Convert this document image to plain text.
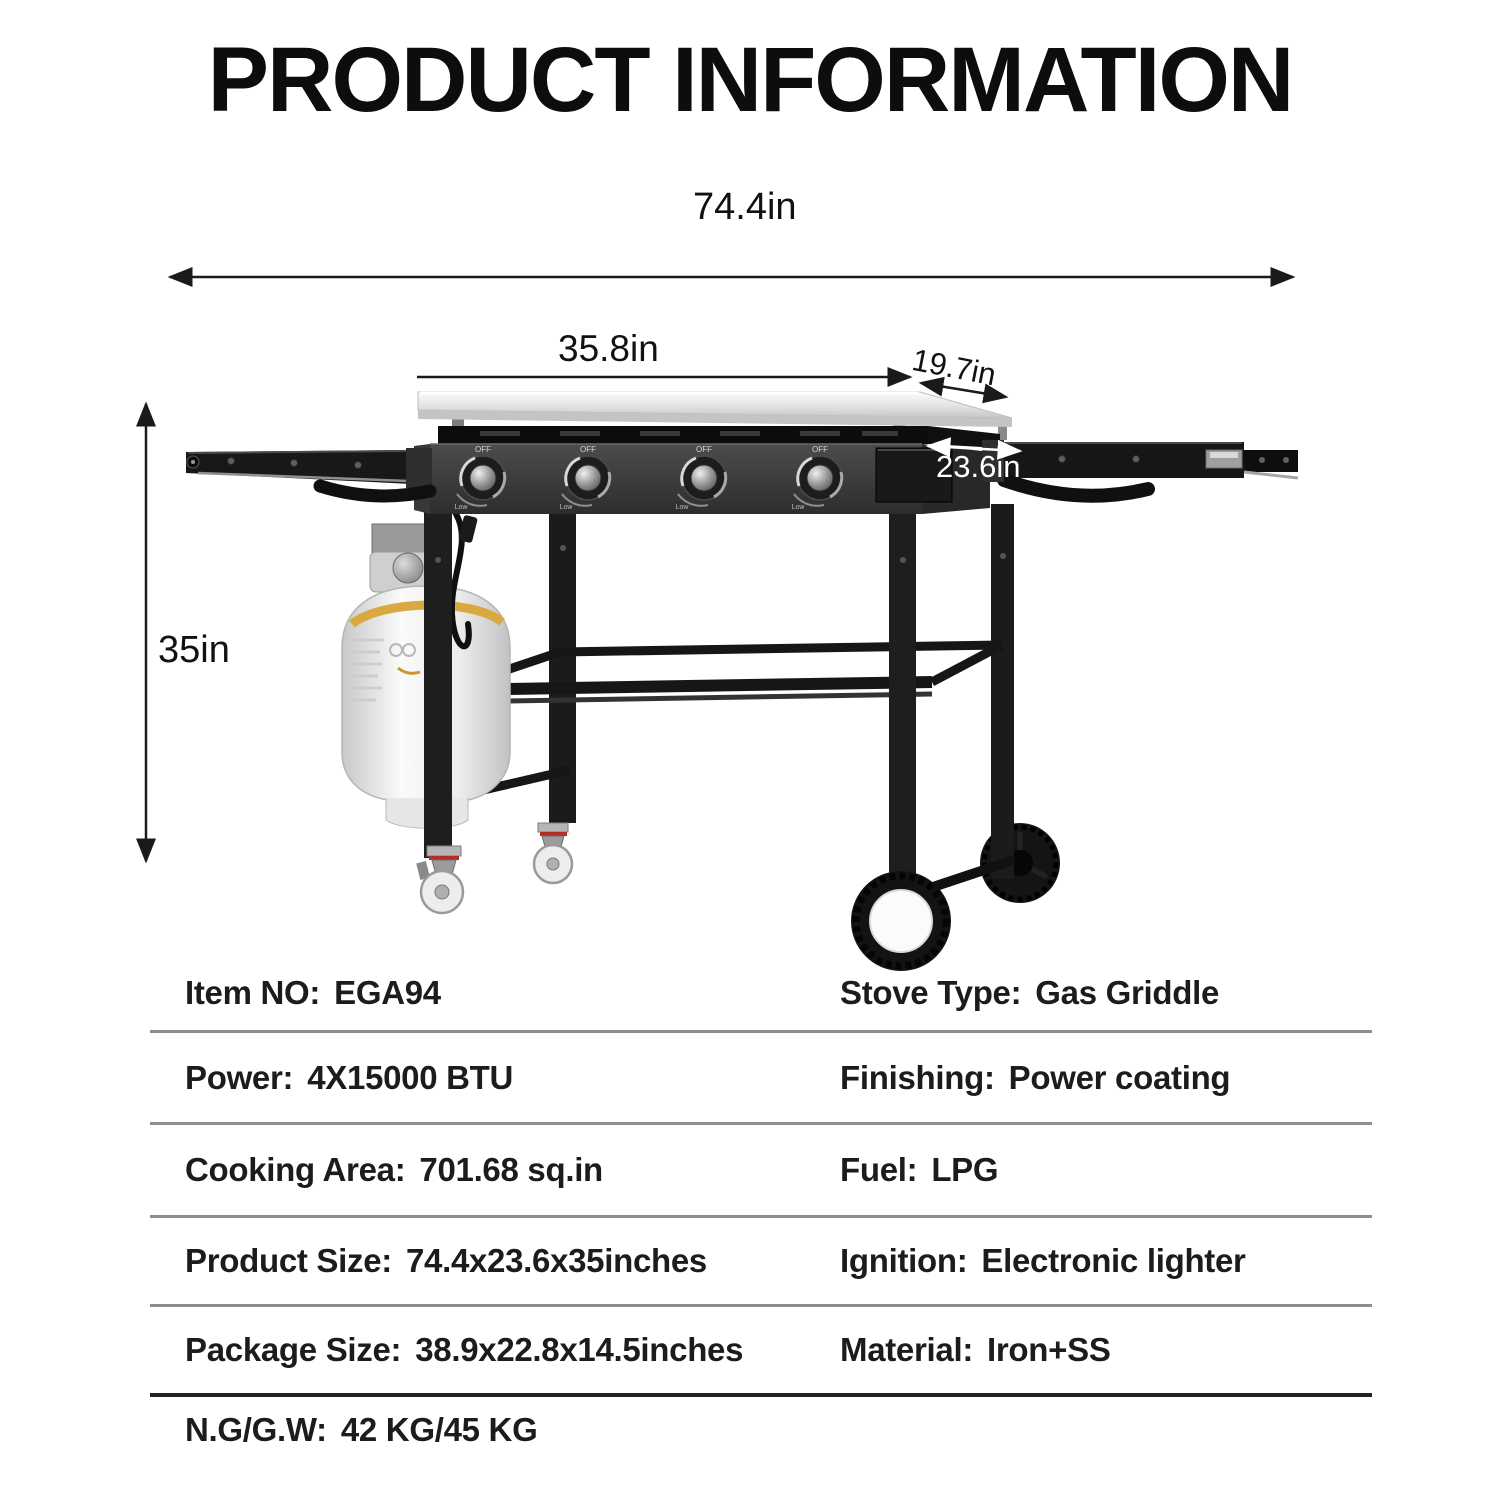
PRODUCT INFORMATION
OFF
Low
OFF
Low
OFF
Low
OFF
Low
74.4in
35.8in	19.7in
23.6in
35in
Item NO: EGA94	Stove Type: Gas Griddle
Power: 4X15000 BTU	Finishing: Power coating
Cooking Area: 701.68 sq.in	Fuel: LPG
Product Size: 74.4x23.6x35inches	Ignition: Electronic lighter
Package Size: 38.9x22.8x14.5inches	Material: Iron+SS
N.G/G.W: 42 KG/45 KG
